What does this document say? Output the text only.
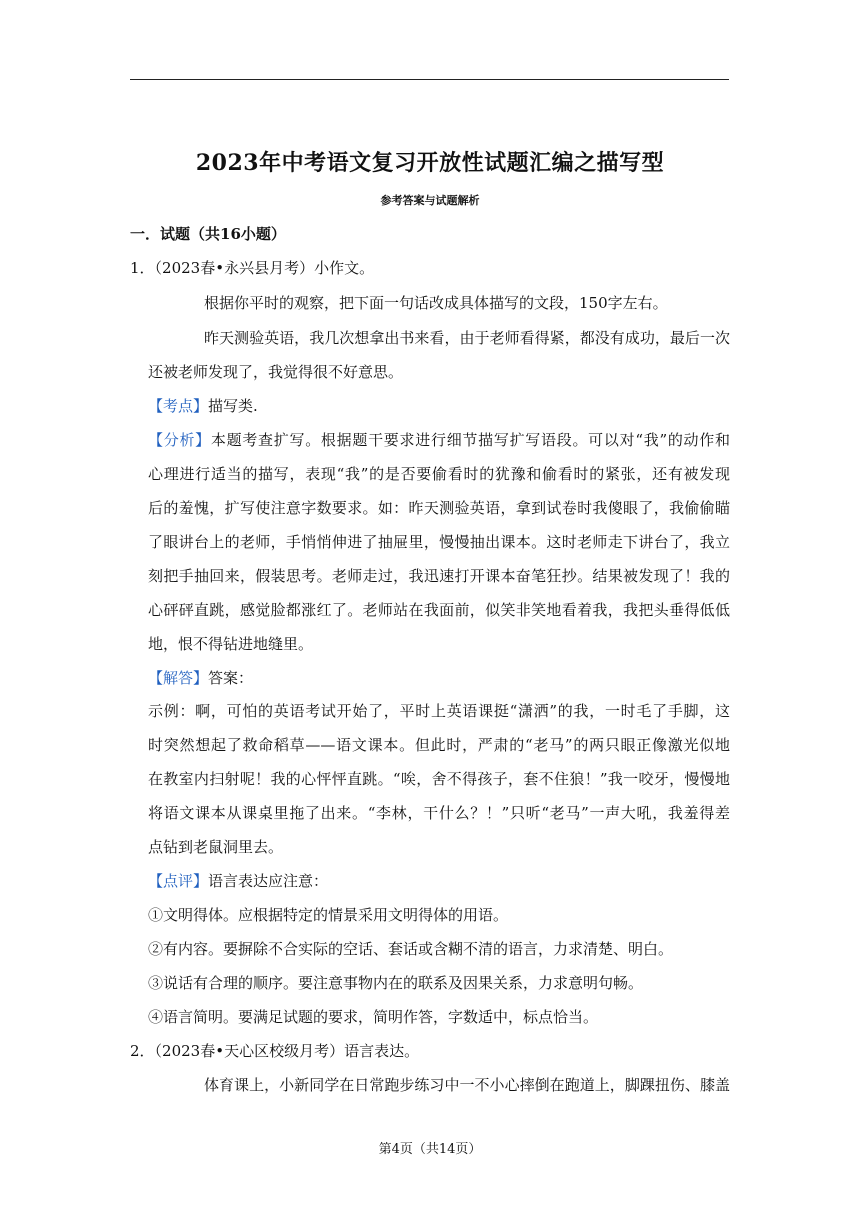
2023年中考语文复习开放性试题汇编之描写型
参考答案与试题解析
一．试题（共16小题）
1．（2023春•永兴县月考）小作文。
根据你平时的观察，把下面一句话改成具体描写的文段，150字左右。
昨天测验英语，我几次想拿出书来看，由于老师看得紧，都没有成功，最后一次
还被老师发现了，我觉得很不好意思。
【考点】描写类.
【分析】本题考查扩写。根据题干要求进行细节描写扩写语段。可以对“我”的动作和
心理进行适当的描写，表现“我”的是否要偷看时的犹豫和偷看时的紧张，还有被发现
后的羞愧，扩写使注意字数要求。如：昨天测验英语，拿到试卷时我傻眼了，我偷偷瞄
了眼讲台上的老师，手悄悄伸进了抽屉里，慢慢抽出课本。这时老师走下讲台了，我立
刻把手抽回来，假装思考。老师走过，我迅速打开课本奋笔狂抄。结果被发现了！我的
心砰砰直跳，感觉脸都涨红了。老师站在我面前，似笑非笑地看着我，我把头垂得低低
地，恨不得钻进地缝里。
【解答】答案：
示例：啊，可怕的英语考试开始了，平时上英语课挺“潇洒”的我，一时毛了手脚，这
时突然想起了救命稻草——语文课本。但此时，严肃的“老马”的两只眼正像激光似地
在教室内扫射呢！我的心怦怦直跳。“唉，舍不得孩子，套不住狼！”我一咬牙，慢慢地
将语文课本从课桌里拖了出来。“李林，干什么？！”只听“老马”一声大吼，我羞得差
点钻到老鼠洞里去。
【点评】语言表达应注意：
①文明得体。应根据特定的情景采用文明得体的用语。
②有内容。要摒除不合实际的空话、套话或含糊不清的语言，力求清楚、明白。
③说话有合理的顺序。要注意事物内在的联系及因果关系，力求意明句畅。
④语言简明。要满足试题的要求，简明作答，字数适中，标点恰当。
2．（2023春•天心区校级月考）语言表达。
体育课上，小新同学在日常跑步练习中一不小心摔倒在跑道上，脚踝扭伤、膝盖
第4页（共14页）
